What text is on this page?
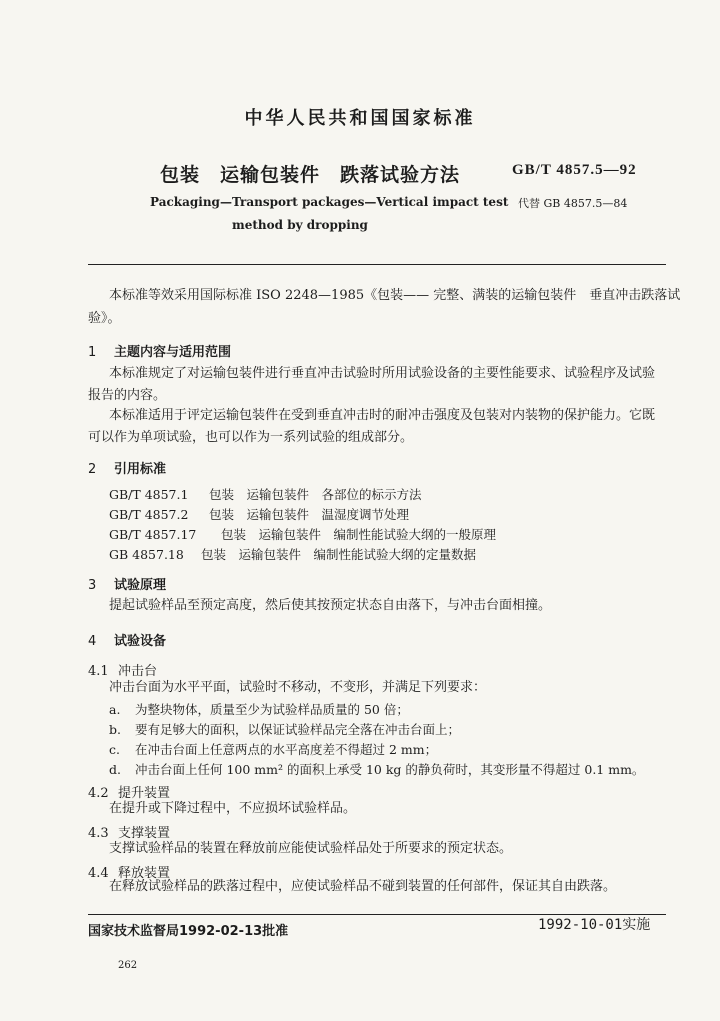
中华人民共和国国家标准
包装　运输包装件　跌落试验方法	GB/T 4857.5—92
Packaging—Transport packages—Vertical impact test 代替 GB 4857.5—84
method by dropping
本标准等效采用国际标准 ISO 2248—1985《包装—— 完整、满装的运输包装件　垂直冲击跌落试
验》。
1 主题内容与适用范围
本标准规定了对运输包装件进行垂直冲击试验时所用试验设备的主要性能要求、试验程序及试验
报告的内容。
本标准适用于评定运输包装件在受到垂直冲击时的耐冲击强度及包装对内装物的保护能力。它既
可以作为单项试验，也可以作为一系列试验的组成部分。
2 引用标准
GB/T 4857.1 包装　运输包装件　各部位的标示方法
GB/T 4857.2 包装　运输包装件　温湿度调节处理
GB/T 4857.17 包装　运输包装件　编制性能试验大纲的一般原理
GB 4857.18 包装　运输包装件　编制性能试验大纲的定量数据
3 试验原理
提起试验样品至预定高度，然后使其按预定状态自由落下，与冲击台面相撞。
4 试验设备
4.1 冲击台
冲击台面为水平平面，试验时不移动，不变形，并满足下列要求：
a. 为整块物体，质量至少为试验样品质量的 50 倍；
b. 要有足够大的面积，以保证试验样品完全落在冲击台面上；
c. 在冲击台面上任意两点的水平高度差不得超过 2 mm；
d. 冲击台面上任何 100 mm² 的面积上承受 10 kg 的静负荷时，其变形量不得超过 0.1 mm。
4.2 提升装置
在提升或下降过程中，不应损坏试验样品。
4.3 支撑装置
支撑试验样品的装置在释放前应能使试验样品处于所要求的预定状态。
4.4 释放装置
在释放试验样品的跌落过程中，应使试验样品不碰到装置的任何部件，保证其自由跌落。
国家技术监督局1992-02-13批准	1992-10-01实施
262
